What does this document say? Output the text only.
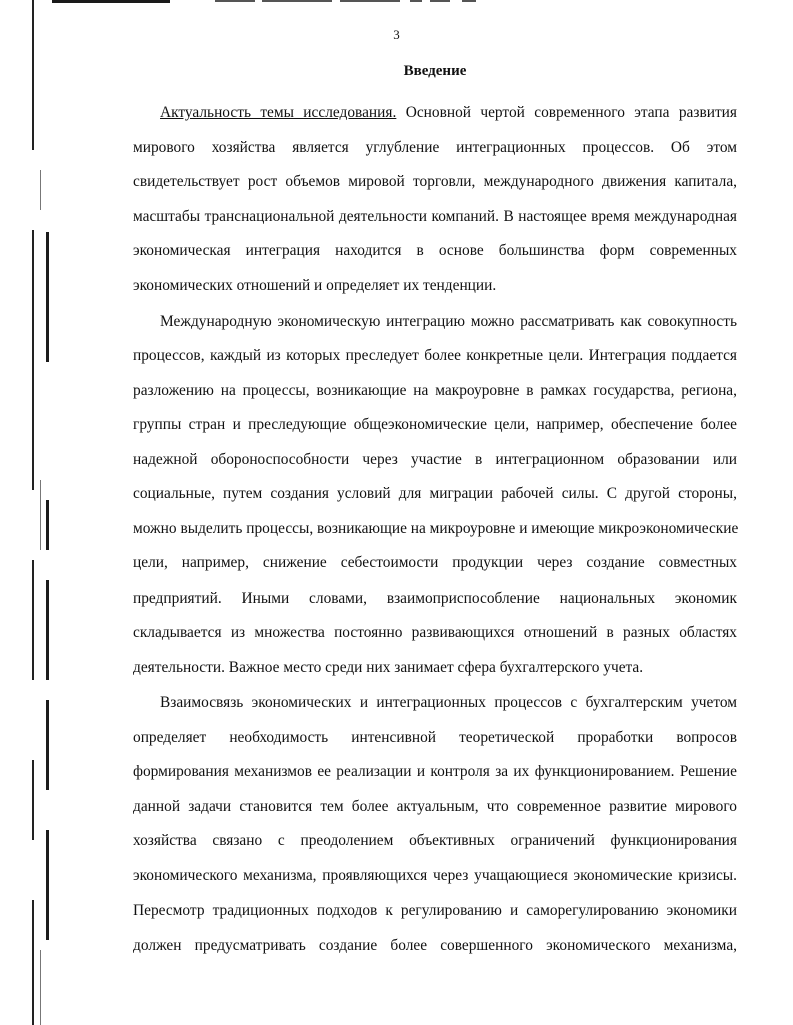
3
Введение
Актуальность темы исследования. Основной чертой современного этапа развития
мирового хозяйства является углубление интеграционных процессов. Об этом
свидетельствует рост объемов мировой торговли, международного движения капитала,
масштабы транснациональной деятельности компаний. В настоящее время международная
экономическая интеграция находится в основе большинства форм современных
экономических отношений и определяет их тенденции.
Международную экономическую интеграцию можно рассматривать как совокупность
процессов, каждый из которых преследует более конкретные цели. Интеграция поддается
разложению на процессы, возникающие на макроуровне в рамках государства, региона,
группы стран и преследующие общеэкономические цели, например, обеспечение более
надежной обороноспособности через участие в интеграционном образовании или
социальные, путем создания условий для миграции рабочей силы. С другой стороны,
можно выделить процессы, возникающие на микроуровне и имеющие микроэкономические
цели, например, снижение себестоимости продукции через создание совместных
предприятий. Иными словами, взаимоприспособление национальных экономик
складывается из множества постоянно развивающихся отношений в разных областях
деятельности. Важное место среди них занимает сфера бухгалтерского учета.
Взаимосвязь экономических и интеграционных процессов с бухгалтерским учетом
определяет необходимость интенсивной теоретической проработки вопросов
формирования механизмов ее реализации и контроля за их функционированием. Решение
данной задачи становится тем более актуальным, что современное развитие мирового
хозяйства связано с преодолением объективных ограничений функционирования
экономического механизма, проявляющихся через учащающиеся экономические кризисы.
Пересмотр традиционных подходов к регулированию и саморегулированию экономики
должен предусматривать создание более совершенного экономического механизма,
